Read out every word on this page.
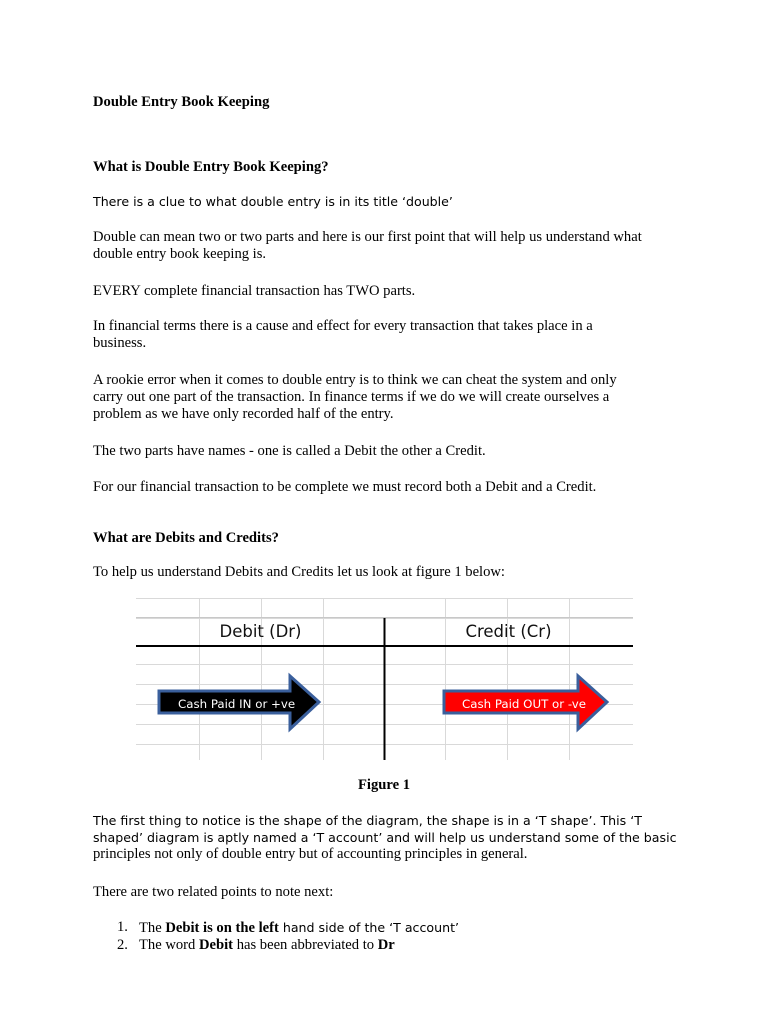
Double Entry Book Keeping

What is Double Entry Book Keeping?

There is a clue to what double entry is in its title ‘double’

Double can mean two or two parts and here is our first point that will help us understand what
double entry book keeping is.

EVERY complete financial transaction has TWO parts.

In financial terms there is a cause and effect for every transaction that takes place in a
business.
A rookie error when it comes to double entry is to think we can cheat the system and only
carry out one part of the transaction. In finance terms if we do we will create ourselves a
problem as we have only recorded half of the entry.

The two parts have names - one is called a Debit the other a Credit.

For our financial transaction to be complete we must record both a Debit and a Credit.

What are Debits and Credits?

To help us understand Debits and Credits let us look at figure 1 below:

Debit (Dr)	Credit (Cr)
Cash Paid IN or +ve	Cash Paid OUT or -ve
Figure 1
The first thing to notice is the shape of the diagram, the shape is in a ‘T shape’. This ‘T
shaped’ diagram is aptly named a ‘T account’ and will help us understand some of the basic
principles not only of double entry but of accounting principles in general.

There are two related points to note next:

1. The Debit is on the left hand side of the ‘T account’
2. The word Debit has been abbreviated to Dr
